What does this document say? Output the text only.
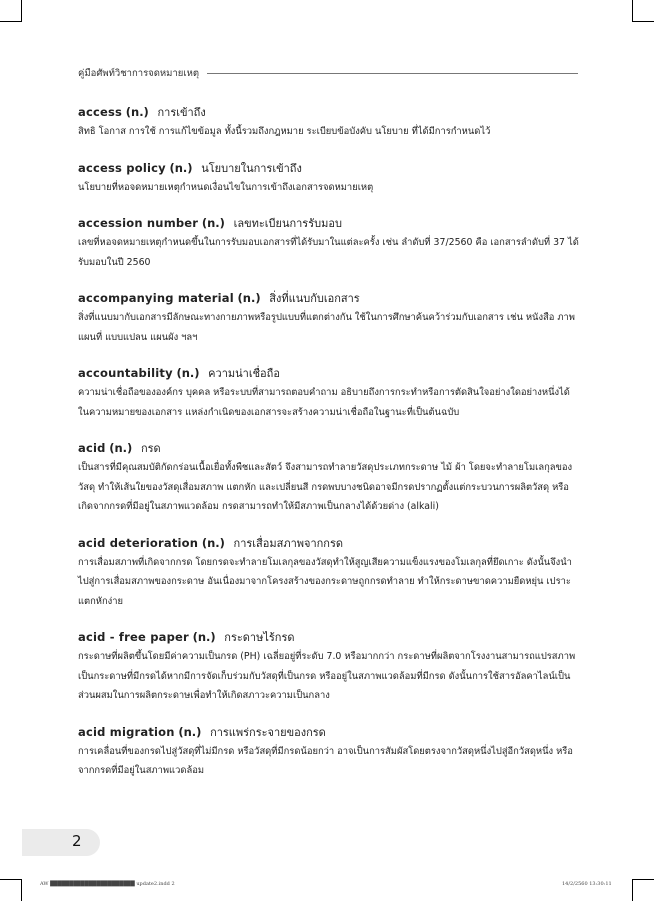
คู่มือศัพท์วิชาการจดหมายเหตุ
access (n.) การเข้าถึง
สิทธิ โอกาส การใช้ การแก้ไขข้อมูล ทั้งนี้รวมถึงกฎหมาย ระเบียบข้อบังคับ นโยบาย ที่ได้มีการกำหนดไว้
access policy (n.) นโยบายในการเข้าถึง
นโยบายที่หอจดหมายเหตุกำหนดเงื่อนไขในการเข้าถึงเอกสารจดหมายเหตุ
accession number (n.) เลขทะเบียนการรับมอบ
เลขที่หอจดหมายเหตุกำหนดขึ้นในการรับมอบเอกสารที่ได้รับมาในแต่ละครั้ง เช่น ลำดับที่ 37/2560 คือ เอกสารลำดับที่ 37 ได้รับมอบในปี 2560
accompanying material (n.) สิ่งที่แนบกับเอกสาร
สิ่งที่แนบมากับเอกสารมีลักษณะทางกายภาพหรือรูปแบบที่แตกต่างกัน ใช้ในการศึกษาค้นคว้าร่วมกับเอกสาร เช่น หนังสือ ภาพ แผนที่ แบบแปลน แผนผัง ฯลฯ
accountability (n.) ความน่าเชื่อถือ
ความน่าเชื่อถือขององค์กร บุคคล หรือระบบที่สามารถตอบคำถาม อธิบายถึงการกระทำหรือการตัดสินใจอย่างใดอย่างหนึ่งได้ ในความหมายของเอกสาร แหล่งกำเนิดของเอกสารจะสร้างความน่าเชื่อถือในฐานะที่เป็นต้นฉบับ
acid (n.) กรด
เป็นสารที่มีคุณสมบัติกัดกร่อนเนื้อเยื่อทั้งพืชและสัตว์ จึงสามารถทำลายวัสดุประเภทกระดาษ ไม้ ผ้า โดยจะทำลายโมเลกุลของวัสดุ ทำให้เส้นใยของวัสดุเสื่อมสภาพ แตกหัก และเปลี่ยนสี กรดพบบางชนิดอาจมีกรดปรากฏตั้งแต่กระบวนการผลิตวัสดุ หรือเกิดจากกรดที่มีอยู่ในสภาพแวดล้อม กรดสามารถทำให้มีสภาพเป็นกลางได้ด้วยด่าง (alkali)
acid deterioration (n.) การเสื่อมสภาพจากกรด
การเสื่อมสภาพที่เกิดจากกรด โดยกรดจะทำลายโมเลกุลของวัสดุทำให้สูญเสียความแข็งแรงของโมเลกุลที่ยึดเกาะ ดังนั้นจึงนำไปสู่การเสื่อมสภาพของกระดาษ อันเนื่องมาจากโครงสร้างของกระดาษถูกกรดทำลาย ทำให้กระดาษขาดความยืดหยุ่น เปราะ แตกหักง่าย
acid - free paper (n.) กระดาษไร้กรด
กระดาษที่ผลิตขึ้นโดยมีค่าความเป็นกรด (PH) เฉลี่ยอยู่ที่ระดับ 7.0 หรือมากกว่า กระดาษที่ผลิตจากโรงงานสามารถแปรสภาพเป็นกระดาษที่มีกรดได้หากมีการจัดเก็บร่วมกับวัสดุที่เป็นกรด หรืออยู่ในสภาพแวดล้อมที่มีกรด ดังนั้นการใช้สารอัลคาไลน์เป็นส่วนผสมในการผลิตกระดาษเพื่อทำให้เกิดสภาวะความเป็นกลาง
acid migration (n.) การแพร่กระจายของกรด
การเคลื่อนที่ของกรดไปสู่วัสดุที่ไม่มีกรด หรือวัสดุที่มีกรดน้อยกว่า อาจเป็นการสัมผัสโดยตรงจากวัสดุหนึ่งไปสู่อีกวัสดุหนึ่ง หรือจากกรดที่มีอยู่ในสภาพแวดล้อม
2
AW ██████████████████████ update2.indd 2	14/2/2560 13:30:11
